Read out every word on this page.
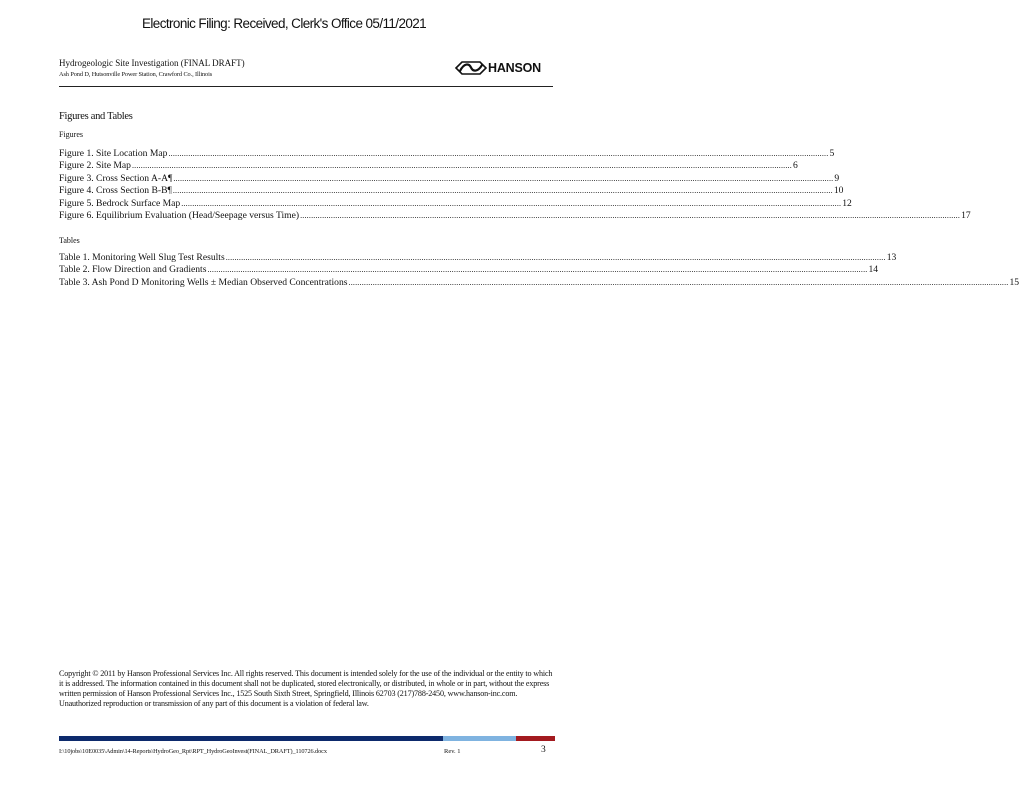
Electronic Filing: Received, Clerk's Office 05/11/2021
Hydrogeologic Site Investigation (FINAL DRAFT)
Ash Pond D, Hutsonville Power Station, Crawford Co., Illinois	HANSON
Figures and Tables
Figures
Figure 1. Site Location Map ............................................................................................................................................................................................................................................................................................................ 5
Figure 2. Site Map ............................................................................................................................................................................................................................................................................................................ 6
Figure 3. Cross Section A-A¶ ............................................................................................................................................................................................................................................................................................................ 9
Figure 4. Cross Section B-B¶ ............................................................................................................................................................................................................................................................................................................ 10
Figure 5. Bedrock Surface Map ............................................................................................................................................................................................................................................................................................................ 12
Figure 6. Equilibrium Evaluation (Head/Seepage versus Time) ............................................................................................................................................................................................................................................................................................................ 17
Tables
Table 1. Monitoring Well Slug Test Results ............................................................................................................................................................................................................................................................................................................ 13
Table 2. Flow Direction and Gradients ............................................................................................................................................................................................................................................................................................................ 14
Table 3. Ash Pond D Monitoring Wells ± Median Observed Concentrations ............................................................................................................................................................................................................................................................................................................ 15
Copyright © 2011 by Hanson Professional Services Inc. All rights reserved. This document is intended solely for the use of the individual or the entity to which it is addressed. The information contained in this document shall not be duplicated, stored electronically, or distributed, in whole or in part, without the express written permission of Hanson Professional Services Inc., 1525 South Sixth Street, Springfield, Illinois 62703 (217)788-2450, www.hanson-inc.com. Unauthorized reproduction or transmission of any part of this document is a violation of federal law.
I:\10jobs\10E0035\Admin\14-Reports\HydroGeo_Rpt\RPT_HydroGeoInvest(FINAL_DRAFT)_110726.docx	Rev. 1	3
